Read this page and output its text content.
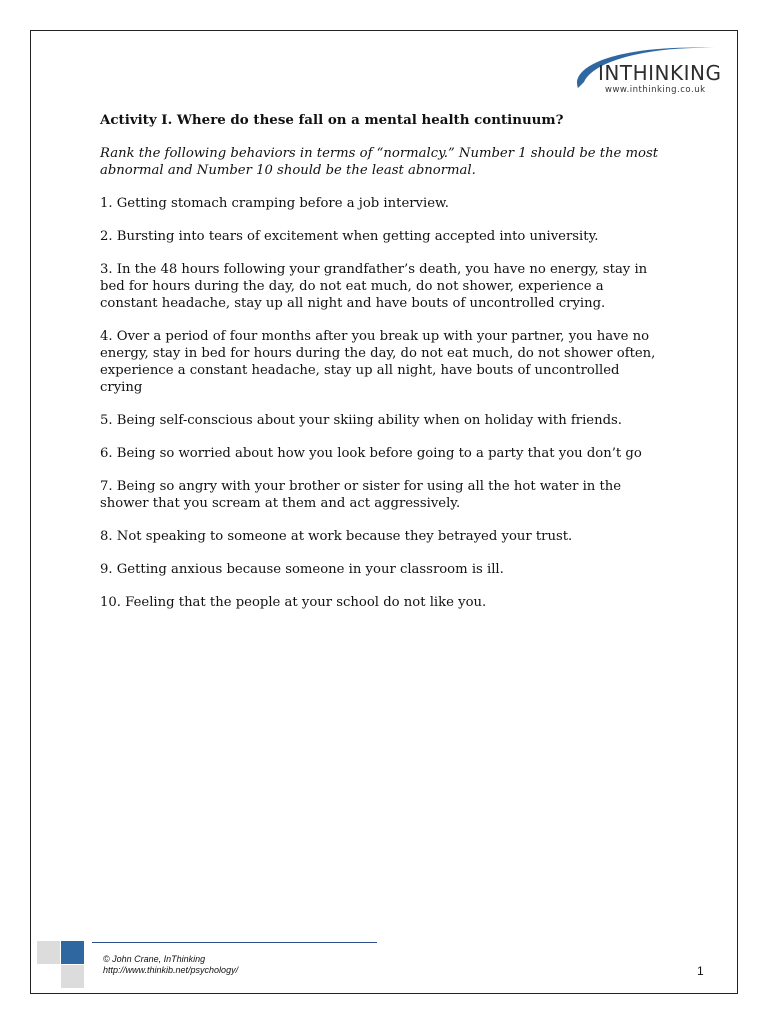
INTHINKING
www.inthinking.co.uk
Activity I. Where do these fall on a mental health continuum?

Rank the following behaviors in terms of “normalcy.” Number 1 should be the most abnormal and Number 10 should be the least abnormal.

1. Getting stomach cramping before a job interview.

2. Bursting into tears of excitement when getting accepted into university.

3. In the 48 hours following your grandfather’s death, you have no energy, stay in bed for hours during the day, do not eat much, do not shower, experience a constant headache, stay up all night and have bouts of uncontrolled crying.

4. Over a period of four months after you break up with your partner, you have no energy, stay in bed for hours during the day, do not eat much, do not shower often, experience a constant headache, stay up all night, have bouts of uncontrolled crying

5. Being self-conscious about your skiing ability when on holiday with friends.

6. Being so worried about how you look before going to a party that you don’t go

7. Being so angry with your brother or sister for using all the hot water in the shower that you scream at them and act aggressively.

8. Not speaking to someone at work because they betrayed your trust.

9. Getting anxious because someone in your classroom is ill.

10. Feeling that the people at your school do not like you.

© John Crane, InThinking
http://www.thinkib.net/psychology/	1
